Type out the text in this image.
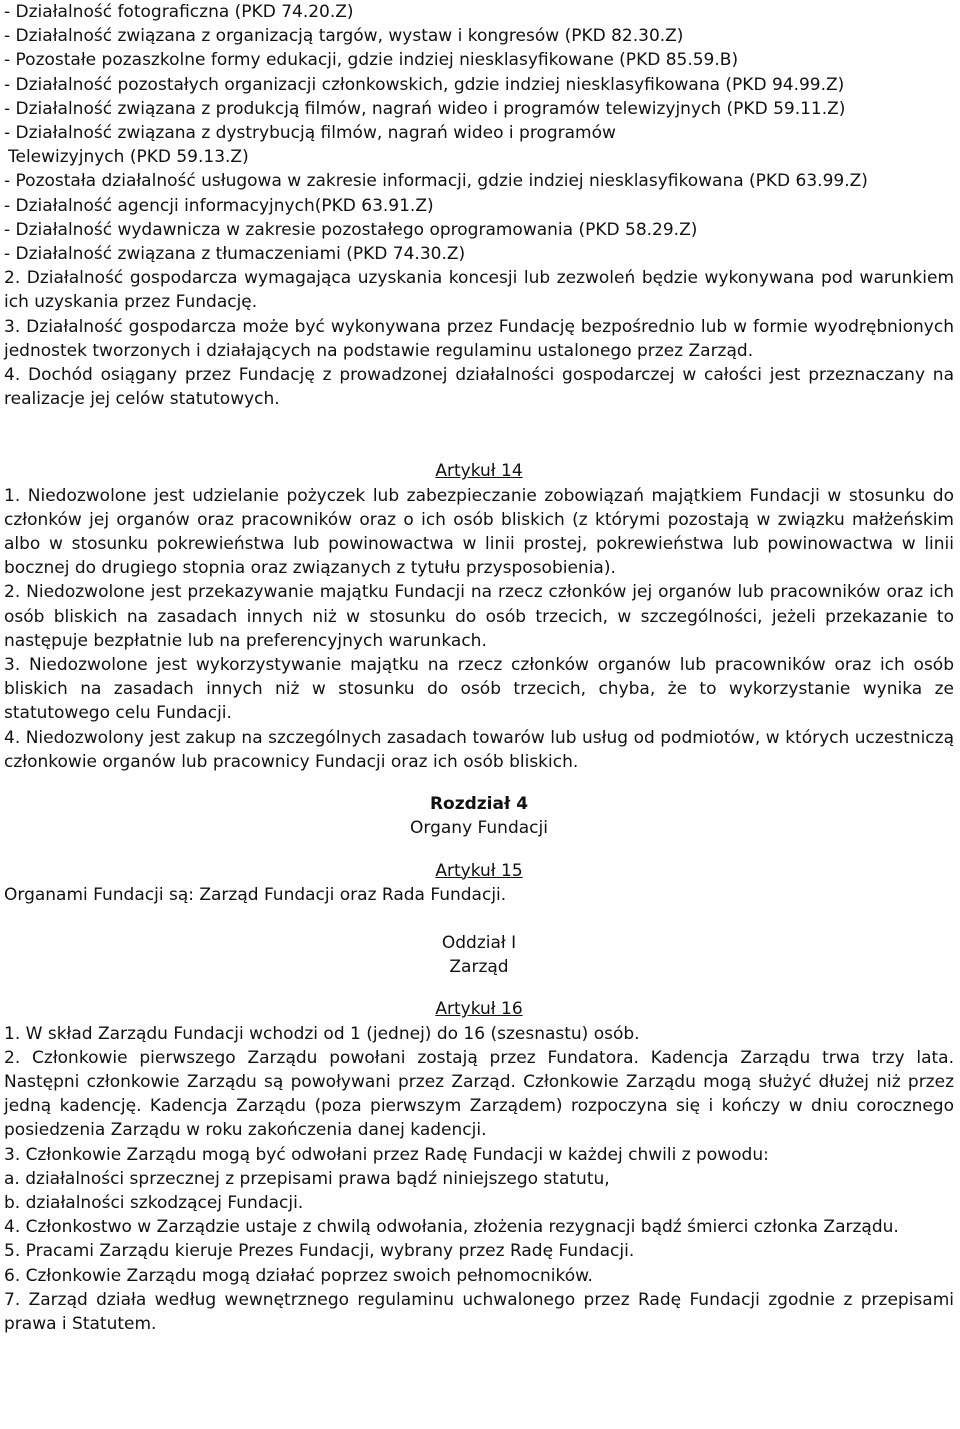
- Działalność fotograficzna (PKD 74.20.Z)
- Działalność związana z organizacją targów, wystaw i kongresów (PKD 82.30.Z)
- Pozostałe pozaszkolne formy edukacji, gdzie indziej niesklasyfikowane (PKD 85.59.B)
- Działalność pozostałych organizacji członkowskich, gdzie indziej niesklasyfikowana (PKD 94.99.Z)
- Działalność związana z produkcją filmów, nagrań wideo i programów telewizyjnych (PKD 59.11.Z)
- Działalność związana z dystrybucją filmów, nagrań wideo i programów
Telewizyjnych (PKD 59.13.Z)
- Pozostała działalność usługowa w zakresie informacji, gdzie indziej niesklasyfikowana (PKD 63.99.Z)
- Działalność agencji informacyjnych(PKD 63.91.Z)
- Działalność wydawnicza w zakresie pozostałego oprogramowania (PKD 58.29.Z)
- Działalność związana z tłumaczeniami (PKD 74.30.Z)
2. Działalność gospodarcza wymagająca uzyskania koncesji lub zezwoleń będzie wykonywana pod warunkiem ich uzyskania przez Fundację.
3. Działalność gospodarcza może być wykonywana przez Fundację bezpośrednio lub w formie wyodrębnionych jednostek tworzonych i działających na podstawie regulaminu ustalonego przez Zarząd.
4. Dochód osiągany przez Fundację z prowadzonej działalności gospodarczej w całości jest przeznaczany na realizacje jej celów statutowych.
Artykuł 14
1. Niedozwolone jest udzielanie pożyczek lub zabezpieczanie zobowiązań majątkiem Fundacji w stosunku do członków jej organów oraz pracowników oraz o ich osób bliskich (z którymi pozostają w związku małżeńskim albo w stosunku pokrewieństwa lub powinowactwa w linii prostej, pokrewieństwa lub powinowactwa w linii bocznej do drugiego stopnia oraz związanych z tytułu przysposobienia).
2. Niedozwolone jest przekazywanie majątku Fundacji na rzecz członków jej organów lub pracowników oraz ich osób bliskich na zasadach innych niż w stosunku do osób trzecich, w szczególności, jeżeli przekazanie to następuje bezpłatnie lub na preferencyjnych warunkach.
3. Niedozwolone jest wykorzystywanie majątku na rzecz członków organów lub pracowników oraz ich osób bliskich na zasadach innych niż w stosunku do osób trzecich, chyba, że to wykorzystanie wynika ze statutowego celu Fundacji.
4. Niedozwolony jest zakup na szczególnych zasadach towarów lub usług od podmiotów, w których uczestniczą członkowie organów lub pracownicy Fundacji oraz ich osób bliskich.
Rozdział 4
Organy Fundacji
Artykuł 15
Organami Fundacji są: Zarząd Fundacji oraz Rada Fundacji.
Oddział I
Zarząd
Artykuł 16
1. W skład Zarządu Fundacji wchodzi od 1 (jednej) do 16 (szesnastu) osób.
2. Członkowie pierwszego Zarządu powołani zostają przez Fundatora. Kadencja Zarządu trwa trzy lata. Następni członkowie Zarządu są powoływani przez Zarząd. Członkowie Zarządu mogą służyć dłużej niż przez jedną kadencję. Kadencja Zarządu (poza pierwszym Zarządem) rozpoczyna się i kończy w dniu corocznego posiedzenia Zarządu w roku zakończenia danej kadencji.
3. Członkowie Zarządu mogą być odwołani przez Radę Fundacji w każdej chwili z powodu:
a. działalności sprzecznej z przepisami prawa bądź niniejszego statutu,
b. działalności szkodzącej Fundacji.
4. Członkostwo w Zarządzie ustaje z chwilą odwołania, złożenia rezygnacji bądź śmierci członka Zarządu.
5. Pracami Zarządu kieruje Prezes Fundacji, wybrany przez Radę Fundacji.
6. Członkowie Zarządu mogą działać poprzez swoich pełnomocników.
7. Zarząd działa według wewnętrznego regulaminu uchwalonego przez Radę Fundacji zgodnie z przepisami prawa i Statutem.
